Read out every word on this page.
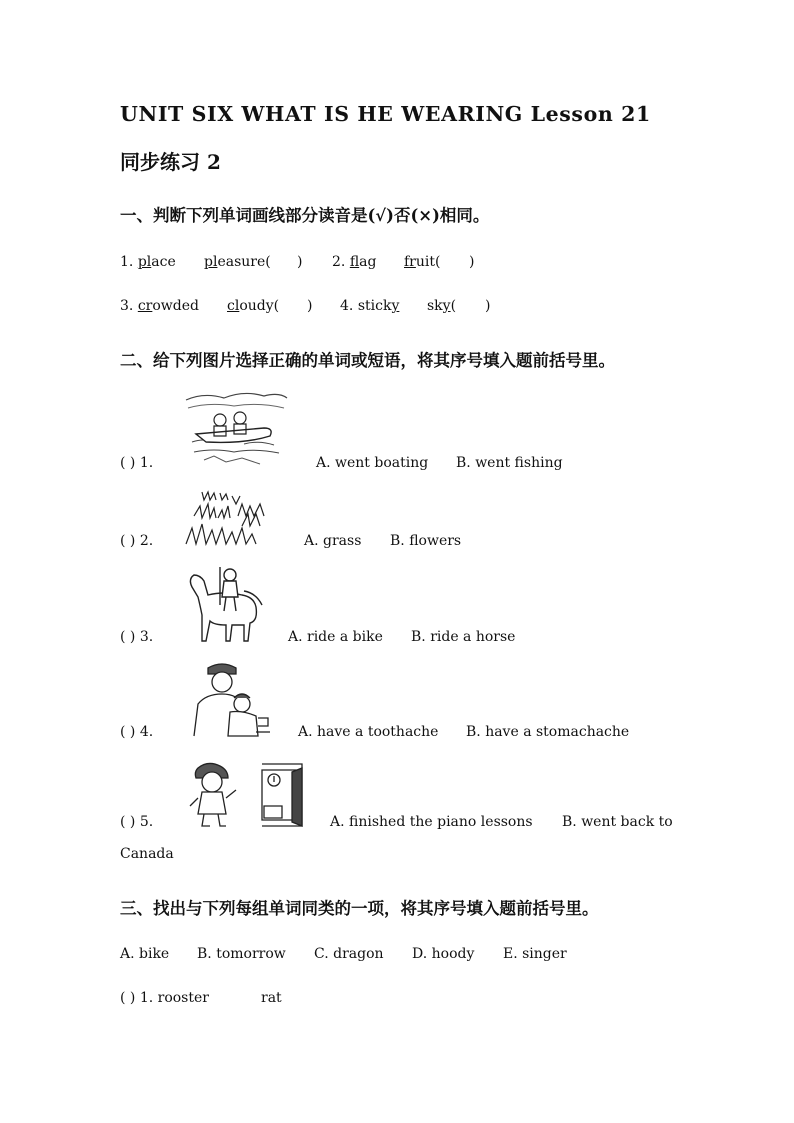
UNIT SIX WHAT IS HE WEARING Lesson 21
同步练习 2
一、判断下列单词画线部分读音是(√)否(×)相同。
1. place pleasure( ) 2. flag fruit( )
3. crowded cloudy( ) 4. sticky sky( )
二、给下列图片选择正确的单词或短语，将其序号填入题前括号里。
( ) 1.	A. went boating B. went fishing
( ) 2.	A. grass B. flowers
( ) 3.	A. ride a bike B. ride a horse
( ) 4.	A. have a toothache B. have a stomachache
( ) 5.	A. finished the piano lessons B. went back to
Canada
三、找出与下列每组单词同类的一项，将其序号填入题前括号里。
A. bike B. tomorrow C. dragon D. hoody E. singer
( ) 1. rooster	rat
